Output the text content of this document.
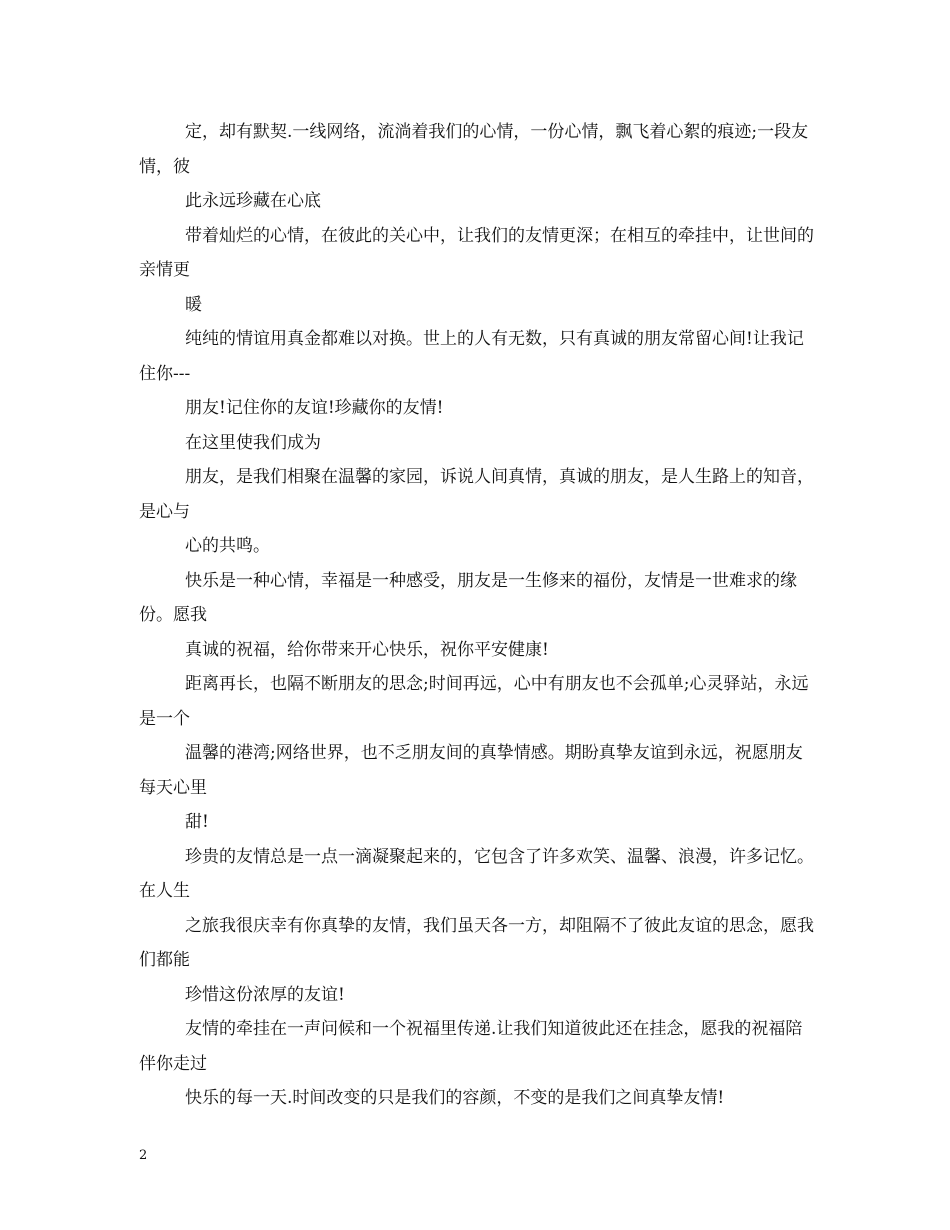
定，却有默契.一线网络，流淌着我们的心情，一份心情，飘飞着心絮的痕迹;一段友情，彼

此永远珍藏在心底

带着灿烂的心情，在彼此的关心中，让我们的友情更深；在相互的牵挂中，让世间的亲情更

暖

纯纯的情谊用真金都难以对换。世上的人有无数，只有真诚的朋友常留心间!让我记住你---

朋友!记住你的友谊!珍藏你的友情!

在这里使我们成为

朋友，是我们相聚在温馨的家园，诉说人间真情，真诚的朋友，是人生路上的知音，是心与

心的共鸣。

快乐是一种心情，幸福是一种感受，朋友是一生修来的福份，友情是一世难求的缘份。愿我

真诚的祝福，给你带来开心快乐，祝你平安健康!

距离再长，也隔不断朋友的思念;时间再远，心中有朋友也不会孤单;心灵驿站，永远是一个

温馨的港湾;网络世界，也不乏朋友间的真挚情感。期盼真挚友谊到永远，祝愿朋友每天心里

甜!

珍贵的友情总是一点一滴凝聚起来的，它包含了许多欢笑、温馨、浪漫，许多记忆。在人生

之旅我很庆幸有你真挚的友情，我们虽天各一方，却阻隔不了彼此友谊的思念，愿我们都能

珍惜这份浓厚的友谊!

友情的牵挂在一声问候和一个祝福里传递.让我们知道彼此还在挂念，愿我的祝福陪伴你走过

快乐的每一天.时间改变的只是我们的容颜，不变的是我们之间真挚友情!

2
